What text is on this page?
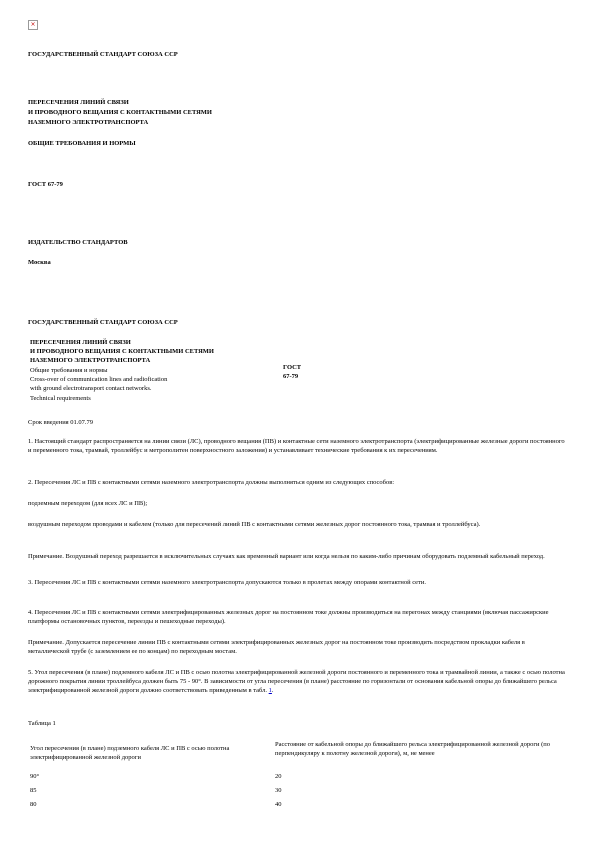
×

ГОСУДАРСТВЕННЫЙ СТАНДАРТ СОЮЗА ССР

ПЕРЕСЕЧЕНИЯ ЛИНИЙ СВЯЗИ

И ПРОВОДНОГО ВЕЩАНИЯ С КОНТАКТНЫМИ СЕТЯМИ

НАЗЕМНОГО ЭЛЕКТРОТРАНСПОРТА

ОБЩИЕ ТРЕБОВАНИЯ И НОРМЫ

ГОСТ 67-79

ИЗДАТЕЛЬСТВО СТАНДАРТОВ

Москва

ГОСУДАРСТВЕННЫЙ СТАНДАРТ СОЮЗА ССР

ПЕРЕСЕЧЕНИЯ ЛИНИЙ СВЯЗИ

И ПРОВОДНОГО ВЕЩАНИЯ С КОНТАКТНЫМИ СЕТЯМИ

НАЗЕМНОГО ЭЛЕКТРОТРАНСПОРТА

Общие требования и нормы

Cross-over of communication lines and radiofication

with ground electrotransport contact networks.

Technical requirements

ГОСТ

67-79

Срок введения 01.07.79

1. Настоящий стандарт распространяется на линии связи (ЛС), проводного вещания (ПВ) и контактные сети наземного электротранспорта (электрифицированные железные дороги постоянного и переменного тока, трамвай, троллейбус и метрополитен поверхностного заложения) и устанавливает технические требования к их пересечениям.

2. Пересечения ЛС и ПВ с контактными сетями наземного электротранспорта должны выполняться одним из следующих способов:

подземным переходом (для всех ЛС и ПВ);

воздушным переходом проводами и кабелем (только для пересечений линий ПВ с контактными сетями железных дорог постоянного тока, трамвая и троллейбуса).

Примечание. Воздушный переход разрешается в исключительных случаях как временный вариант или когда нельзя по каким-либо причинам оборудовать подземный кабельный переход.

3. Пересечения ЛС и ПВ с контактными сетями наземного электротранспорта допускаются только в пролетах между опорами контактной сети.

4. Пересечения ЛС и ПВ с контактными сетями электрифицированных железных дорог на постоянном токе должны производиться на перегонах между станциями (включая пассажирские платформы остановочных пунктов, переезды и пешеходные переходы).

Примечание. Допускается пересечение линии ПВ с контактными сетями электрифицированных железных дорог на постоянном токе производить посредством прокладки кабеля в металлической трубе (с заземлением ее по концам) по переходным мостам.

5. Угол пересечения (в плане) подземного кабеля ЛС и ПВ с осью полотна электрифицированной железной дороги постоянного и переменного тока и трамвайной линии, а также с осью полотна дорожного покрытия линии троллейбуса должен быть 75 - 90°. В зависимости от угла пересечения (в плане) расстояние по горизонтали от основания кабельной опоры до ближайшего рельса электрифицированной железной дороги должно соответствовать приведенным в табл. 1.

Таблица 1

Угол пересечения (в плане) подземного кабеля ЛС и ПВ с осью полотна электрифицированной железной дороги
Расстояние от кабельной опоры до ближайшего рельса электрифицированной железной дороги (по перпендикуляру к полотну железной дороги), м, не менее
90°	20
85	30
80	40
